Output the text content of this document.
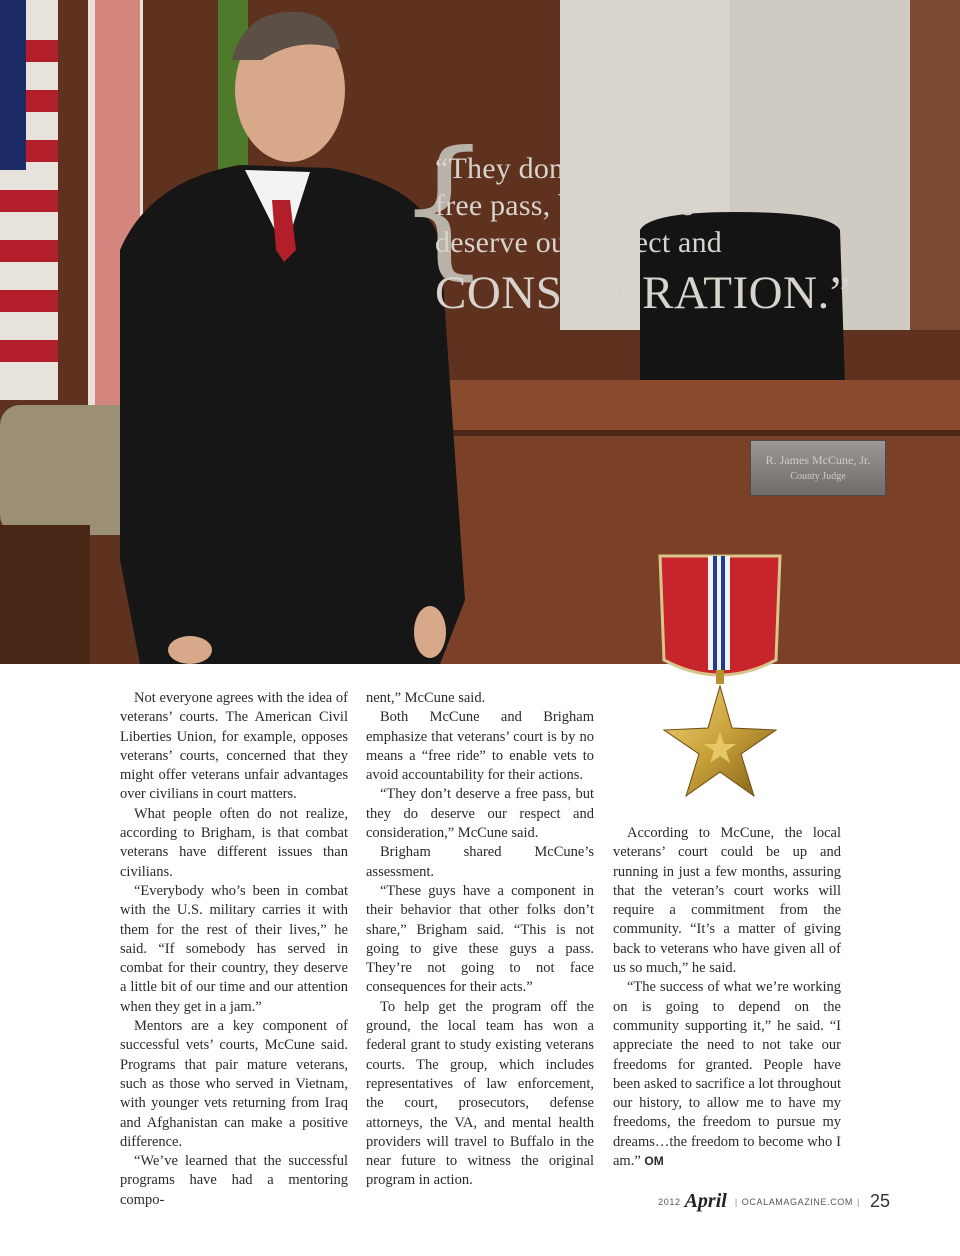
{
“They don’t deserve a
free pass, but they do
deserve our respect and
CONSIDERATION.”
R. James McCune, Jr.
County Judge

Not everyone agrees with the idea of veterans’ courts. The American Civil Liberties Union, for example, opposes veterans’ courts, concerned that they might offer veterans unfair advantages over civilians in court matters.

What people often do not realize, according to Brigham, is that combat veterans have different issues than civilians.

“Everybody who’s been in combat with the U.S. military carries it with them for the rest of their lives,” he said. “If somebody has served in combat for their country, they deserve a little bit of our time and our attention when they get in a jam.”

Mentors are a key component of successful vets’ courts, McCune said. Programs that pair mature veterans, such as those who served in Vietnam, with younger vets returning from Iraq and Afghanistan can make a positive difference.

“We’ve learned that the successful programs have had a mentoring compo-

nent,” McCune said.

Both McCune and Brigham emphasize that veterans’ court is by no means a “free ride” to enable vets to avoid accountability for their actions.

“They don’t deserve a free pass, but they do deserve our respect and consideration,” McCune said.

Brigham shared McCune’s assessment.

“These guys have a component in their behavior that other folks don’t share,” Brigham said. “This is not going to give these guys a pass. They’re not going to not face consequences for their acts.”

To help get the program off the ground, the local team has won a federal grant to study existing veterans courts. The group, which includes representatives of law enforcement, the court, prosecutors, defense attorneys, the VA, and mental health providers will travel to Buffalo in the near future to witness the original program in action.

According to McCune, the local veterans’ court could be up and running in just a few months, assuring that the veteran’s court works will require a commitment from the community. “It’s a matter of giving back to veterans who have given all of us so much,” he said.

“The success of what we’re working on is going to depend on the community supporting it,” he said. “I appreciate the need to not take our freedoms for granted. People have been asked to sacrifice a lot throughout our history, to allow me to have my freedoms, the freedom to pursue my dreams…the freedom to become who I am.” OM

2012 April | OCALAMAGAZINE.COM | 25
